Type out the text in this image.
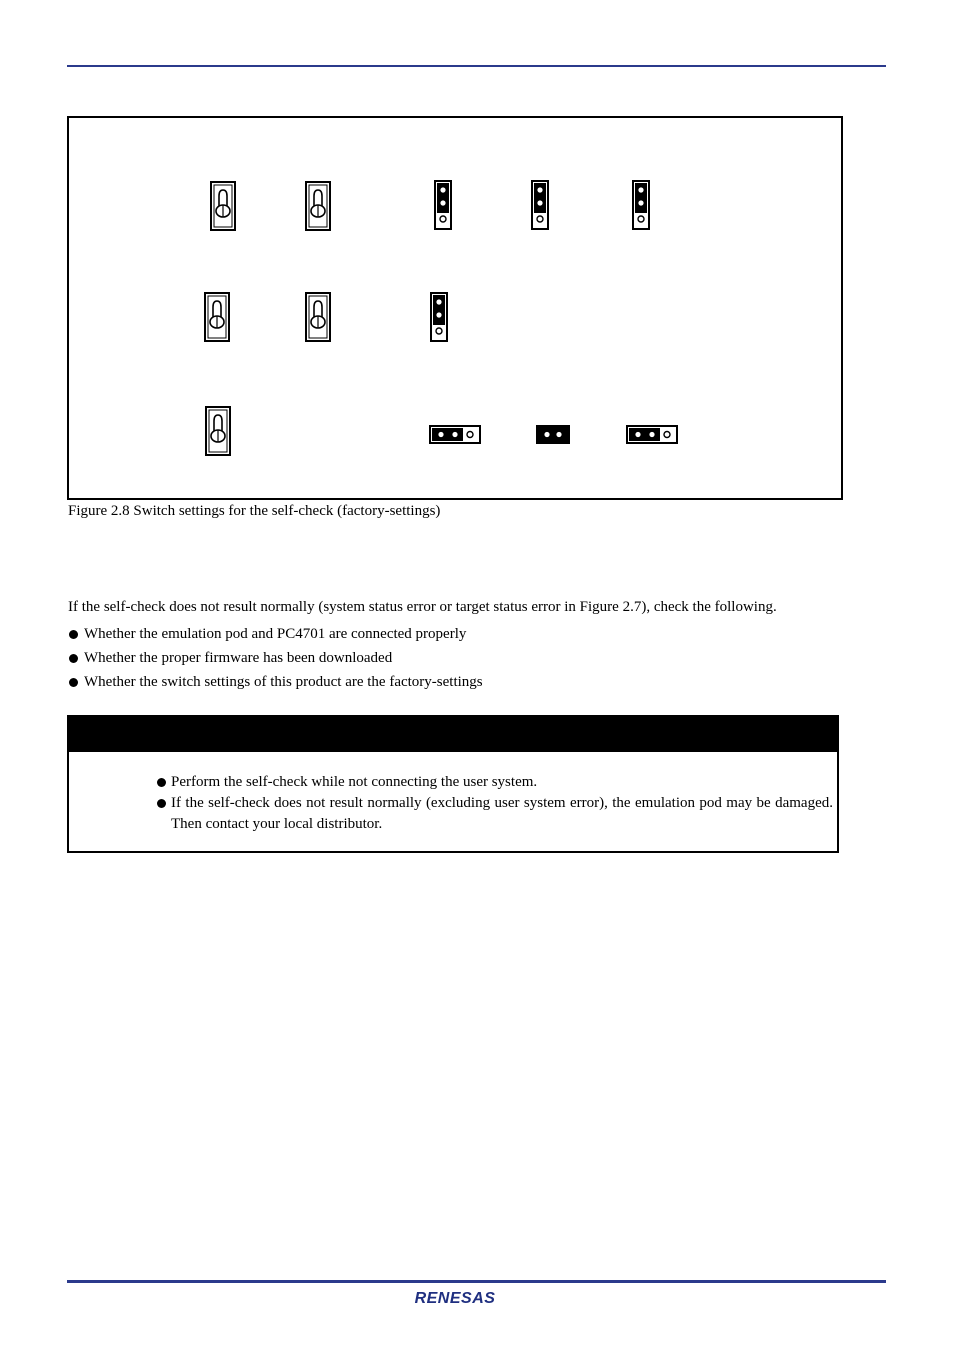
Figure 2.8 Switch settings for the self-check (factory-settings)
If the self-check does not result normally (system status error or target status error in Figure 2.7), check the following.
Whether the emulation pod and PC4701 are connected properly
Whether the proper firmware has been downloaded
Whether the switch settings of this product are the factory-settings
Perform the self-check while not connecting the user system.
If the self-check does not result normally (excluding user system error), the emulation pod may be damaged. Then contact your local distributor.
RENESAS
